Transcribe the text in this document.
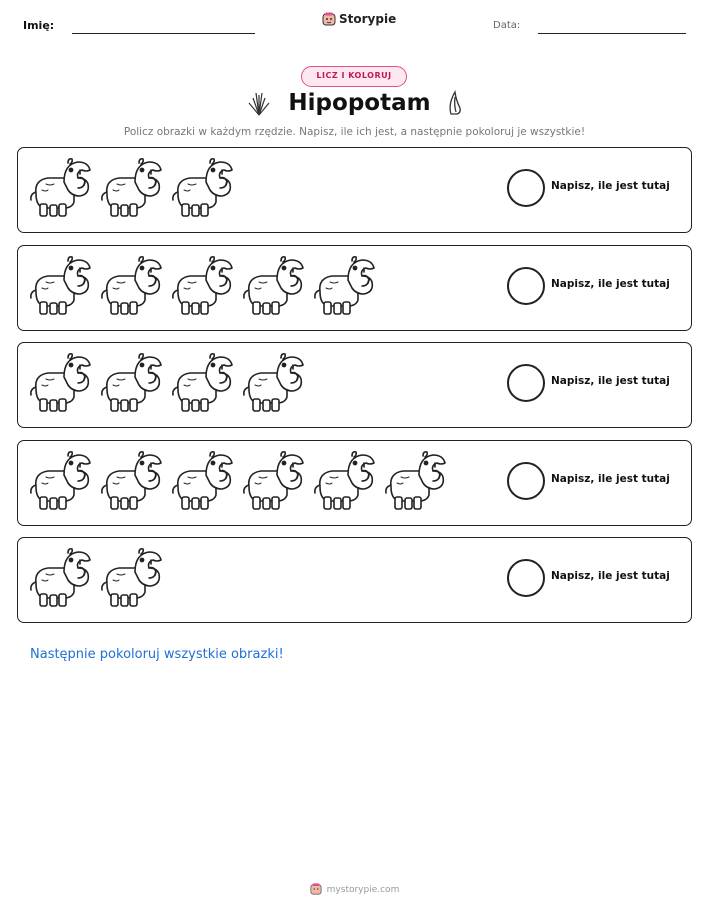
Imię:	Storypie	Data:
LICZ I KOLORUJ
Hipopotam
Policz obrazki w każdym rzędzie. Napisz, ile ich jest, a następnie pokoloruj je wszystkie!
Napisz, ile jest tutaj
Napisz, ile jest tutaj
Napisz, ile jest tutaj
Napisz, ile jest tutaj
Napisz, ile jest tutaj
Następnie pokoloruj wszystkie obrazki!
mystorypie.com
